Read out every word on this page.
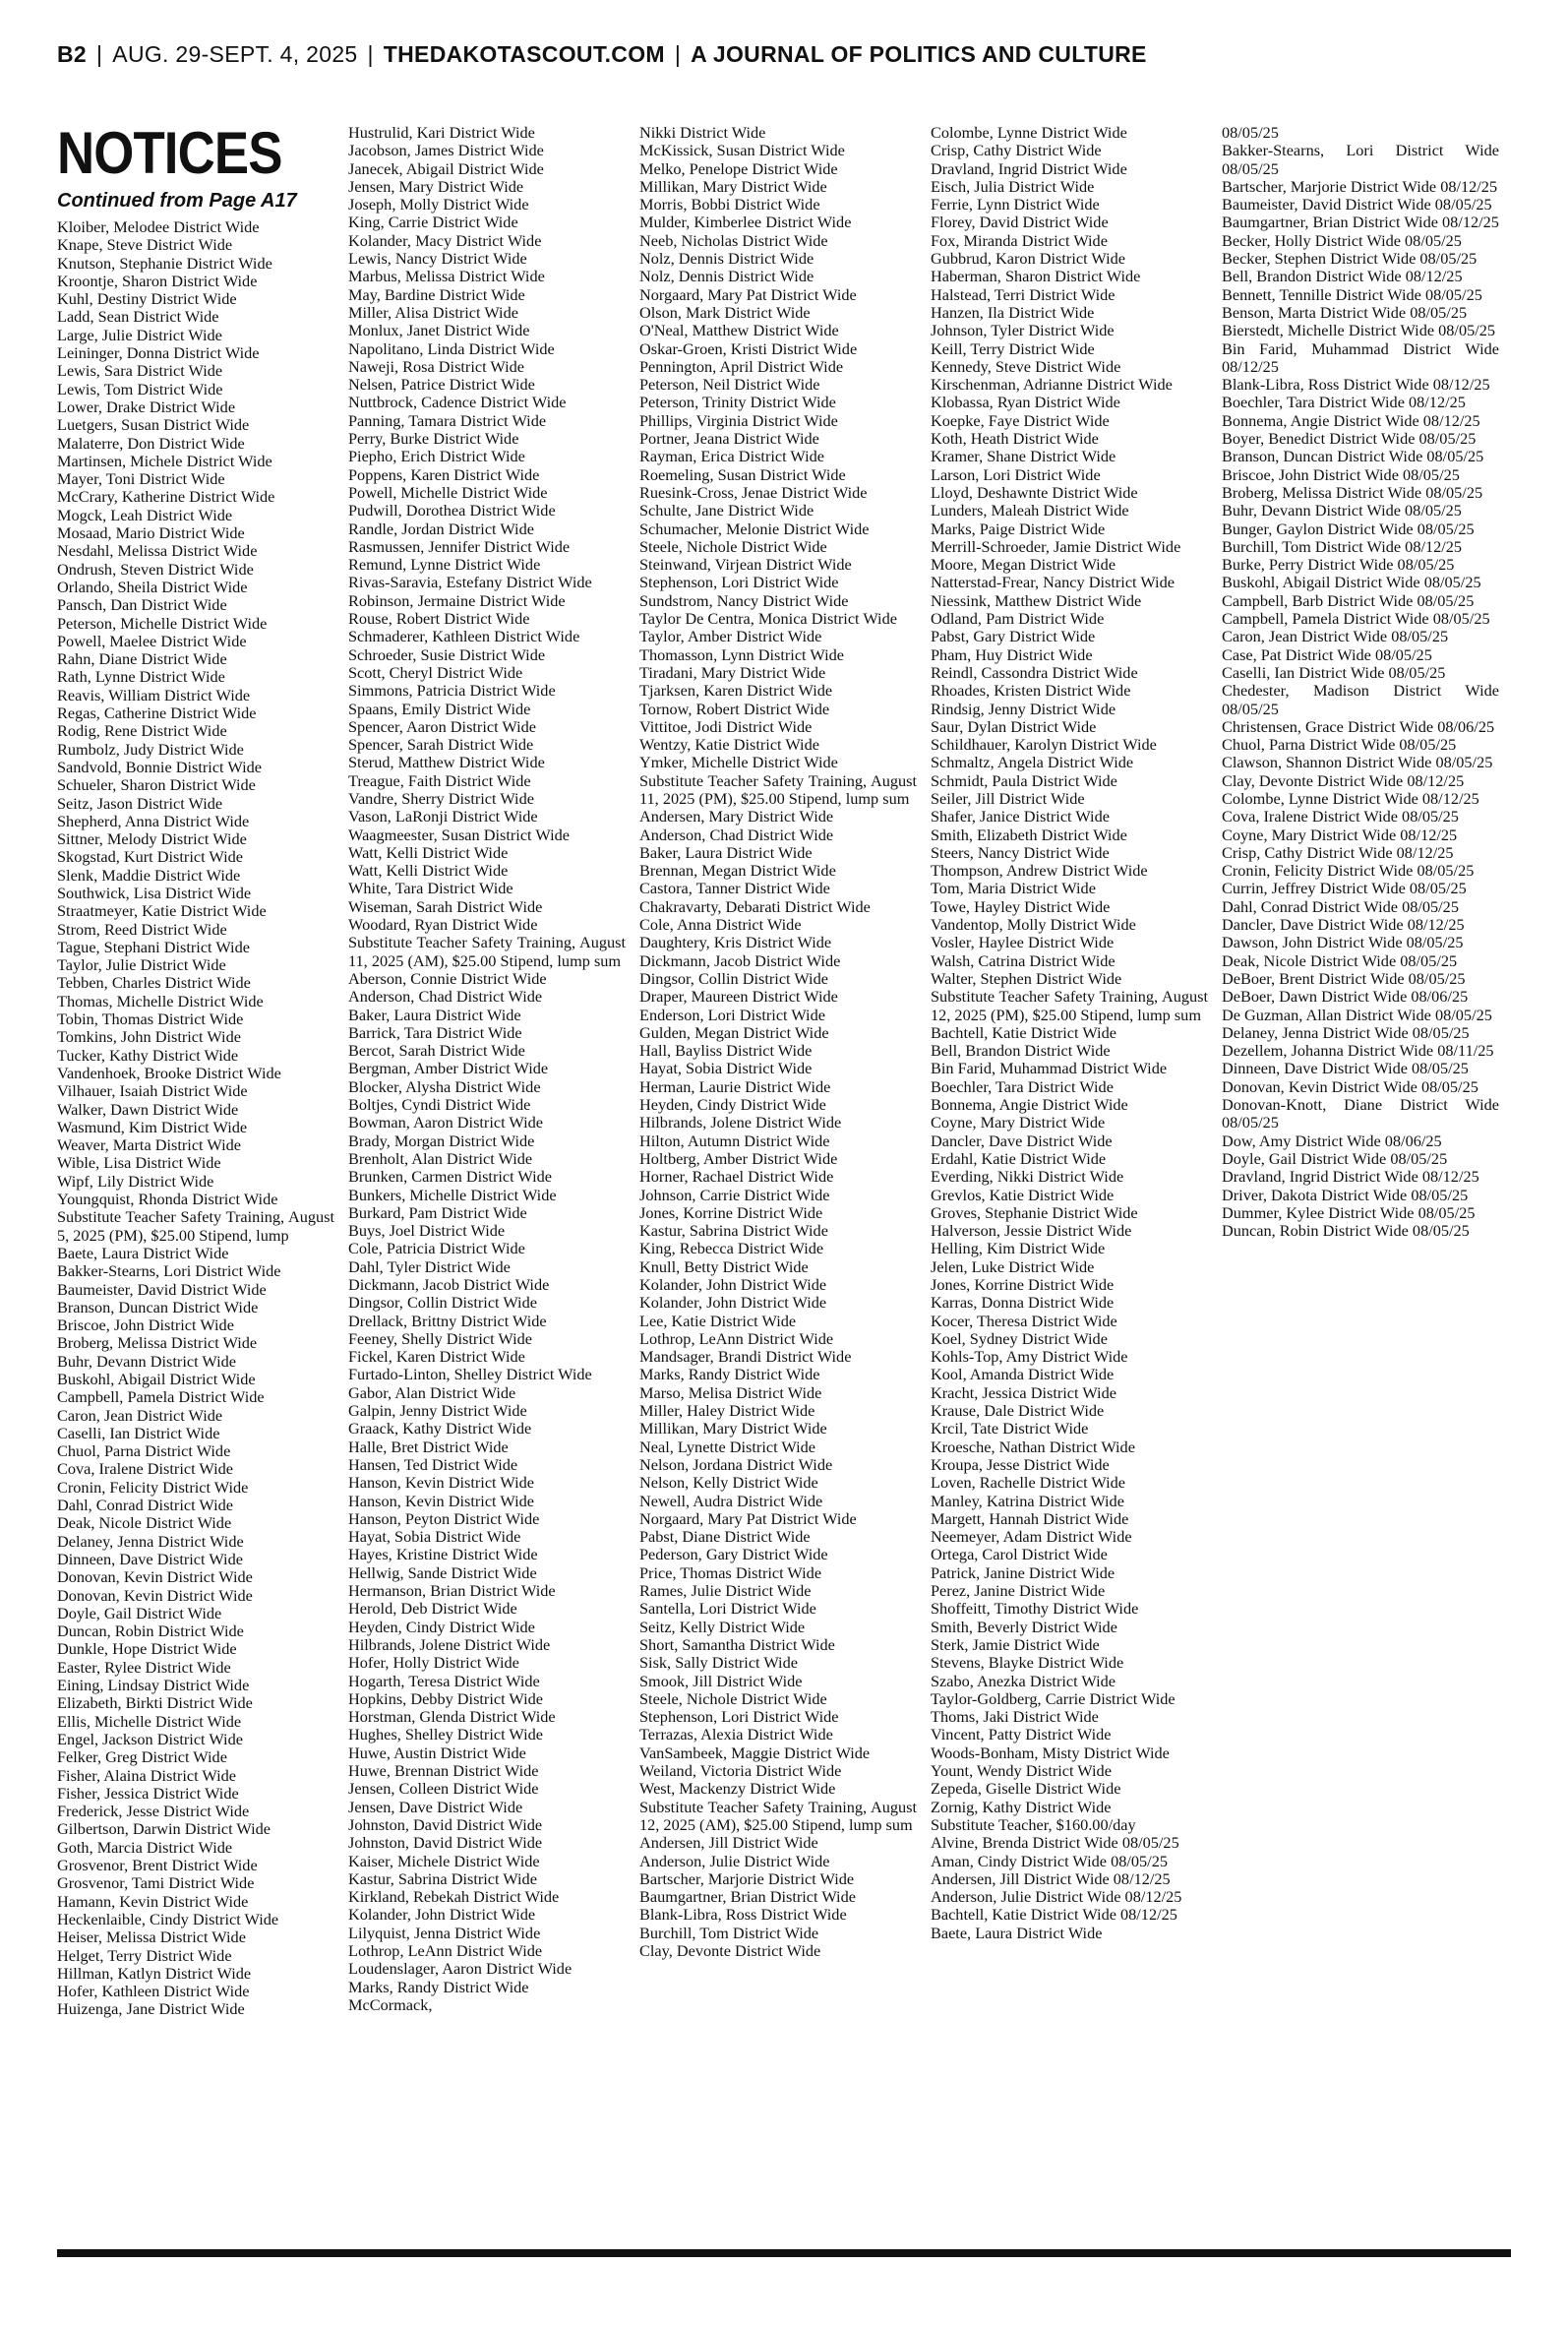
B2 | AUG. 29-SEPT. 4, 2025 | THEDAKOTASCOUT.COM | A JOURNAL OF POLITICS AND CULTURE
NOTICES
Continued from Page A17

Kloiber, Melodee District Wide
Knape, Steve District Wide
Knutson, Stephanie District Wide
Kroontje, Sharon District Wide
Kuhl, Destiny District Wide
Ladd, Sean District Wide
Large, Julie District Wide
Leininger, Donna District Wide
Lewis, Sara District Wide
Lewis, Tom District Wide
Lower, Drake District Wide
Luetgers, Susan District Wide
Malaterre, Don District Wide
Martinsen, Michele District Wide
Mayer, Toni District Wide
McCrary, Katherine District Wide
Mogck, Leah District Wide
Mosaad, Mario District Wide
Nesdahl, Melissa District Wide
Ondrush, Steven District Wide
Orlando, Sheila District Wide
Pansch, Dan District Wide
Peterson, Michelle District Wide
Powell, Maelee District Wide
Rahn, Diane District Wide
Rath, Lynne District Wide
Reavis, William District Wide
Regas, Catherine District Wide
Rodig, Rene District Wide
Rumbolz, Judy District Wide
Sandvold, Bonnie District Wide
Schueler, Sharon District Wide
Seitz, Jason District Wide
Shepherd, Anna District Wide
Sittner, Melody District Wide
Skogstad, Kurt District Wide
Slenk, Maddie District Wide
Southwick, Lisa District Wide
Straatmeyer, Katie District Wide
Strom, Reed District Wide
Tague, Stephani District Wide
Taylor, Julie District Wide
Tebben, Charles District Wide
Thomas, Michelle District Wide
Tobin, Thomas District Wide
Tomkins, John District Wide
Tucker, Kathy District Wide
Vandenhoek, Brooke District Wide
Vilhauer, Isaiah District Wide
Walker, Dawn District Wide
Wasmund, Kim District Wide
Weaver, Marta District Wide
Wible, Lisa District Wide
Wipf, Lily District Wide
Youngquist, Rhonda District Wide
Substitute Teacher Safety Training, August 5, 2025 (PM), $25.00 Stipend, lump
Baete, Laura District Wide
Bakker-Stearns, Lori District Wide
Baumeister, David District Wide
Branson, Duncan District Wide
Briscoe, John District Wide
Broberg, Melissa District Wide
Buhr, Devann District Wide
Buskohl, Abigail District Wide
Campbell, Pamela District Wide
Caron, Jean District Wide
Caselli, Ian District Wide
Chuol, Parna District Wide
Cova, Iralene District Wide
Cronin, Felicity District Wide
Dahl, Conrad District Wide
Deak, Nicole District Wide
Delaney, Jenna District Wide
Dinneen, Dave District Wide
Donovan, Kevin District Wide
Donovan, Kevin District Wide
Doyle, Gail District Wide
Duncan, Robin District Wide
Dunkle, Hope District Wide
Easter, Rylee District Wide
Eining, Lindsay District Wide
Elizabeth, Birkti District Wide
Ellis, Michelle District Wide
Engel, Jackson District Wide
Felker, Greg District Wide
Fisher, Alaina District Wide
Fisher, Jessica District Wide
Frederick, Jesse District Wide
Gilbertson, Darwin District Wide
Goth, Marcia District Wide
Grosvenor, Brent District Wide
Grosvenor, Tami District Wide
Hamann, Kevin District Wide
Heckenlaible, Cindy District Wide
Heiser, Melissa District Wide
Helget, Terry District Wide
Hillman, Katlyn District Wide
Hofer, Kathleen District Wide
Huizenga, Jane District Wide

Hustrulid, Kari District Wide
Jacobson, James District Wide
Janecek, Abigail District Wide
Jensen, Mary District Wide
Joseph, Molly District Wide
King, Carrie District Wide
Kolander, Macy District Wide
Lewis, Nancy District Wide
Marbus, Melissa District Wide
May, Bardine District Wide
Miller, Alisa District Wide
Monlux, Janet District Wide
Napolitano, Linda District Wide
Naweji, Rosa District Wide
Nelsen, Patrice District Wide
Nuttbrock, Cadence District Wide
Panning, Tamara District Wide
Perry, Burke District Wide
Piepho, Erich District Wide
Poppens, Karen District Wide
Powell, Michelle District Wide
Pudwill, Dorothea District Wide
Randle, Jordan District Wide
Rasmussen, Jennifer District Wide
Remund, Lynne District Wide
Rivas-Saravia, Estefany District Wide
Robinson, Jermaine District Wide
Rouse, Robert District Wide
Schmaderer, Kathleen District Wide
Schroeder, Susie District Wide
Scott, Cheryl District Wide
Simmons, Patricia District Wide
Spaans, Emily District Wide
Spencer, Aaron District Wide
Spencer, Sarah District Wide
Sterud, Matthew District Wide
Treague, Faith District Wide
Vandre, Sherry District Wide
Vason, LaRonji District Wide
Waagmeester, Susan District Wide
Watt, Kelli District Wide
Watt, Kelli District Wide
White, Tara District Wide
Wiseman, Sarah District Wide
Woodard, Ryan District Wide
Substitute Teacher Safety Training, August 11, 2025 (AM), $25.00 Stipend, lump sum
Aberson, Connie District Wide
Anderson, Chad District Wide
Baker, Laura District Wide
Barrick, Tara District Wide
Bercot, Sarah District Wide
Bergman, Amber District Wide
Blocker, Alysha District Wide
Boltjes, Cyndi District Wide
Bowman, Aaron District Wide
Brady, Morgan District Wide
Brenholt, Alan District Wide
Brunken, Carmen District Wide
Bunkers, Michelle District Wide
Burkard, Pam District Wide
Buys, Joel District Wide
Cole, Patricia District Wide
Dahl, Tyler District Wide
Dickmann, Jacob District Wide
Dingsor, Collin District Wide
Drellack, Brittny District Wide
Feeney, Shelly District Wide
Fickel, Karen District Wide
Furtado-Linton, Shelley District Wide
Gabor, Alan District Wide
Galpin, Jenny District Wide
Graack, Kathy District Wide
Halle, Bret District Wide
Hansen, Ted District Wide
Hanson, Kevin District Wide
Hanson, Kevin District Wide
Hanson, Peyton District Wide
Hayat, Sobia District Wide
Hayes, Kristine District Wide
Hellwig, Sande District Wide
Hermanson, Brian District Wide
Herold, Deb District Wide
Heyden, Cindy District Wide
Hilbrands, Jolene District Wide
Hofer, Holly District Wide
Hogarth, Teresa District Wide
Hopkins, Debby District Wide
Horstman, Glenda District Wide
Hughes, Shelley District Wide
Huwe, Austin District Wide
Huwe, Brennan District Wide
Jensen, Colleen District Wide
Jensen, Dave District Wide
Johnston, David District Wide
Johnston, David District Wide
Kaiser, Michele District Wide
Kastur, Sabrina District Wide
Kirkland, Rebekah District Wide
Kolander, John District Wide
Lilyquist, Jenna District Wide
Lothrop, LeAnn District Wide
Loudenslager, Aaron District Wide
Marks, Randy District Wide
McCormack,

Nikki District Wide
McKissick, Susan District Wide
Melko, Penelope District Wide
Millikan, Mary District Wide
Morris, Bobbi District Wide
Mulder, Kimberlee District Wide
Neeb, Nicholas District Wide
Nolz, Dennis District Wide
Nolz, Dennis District Wide
Norgaard, Mary Pat District Wide
Olson, Mark District Wide
O'Neal, Matthew District Wide
Oskar-Groen, Kristi District Wide
Pennington, April District Wide
Peterson, Neil District Wide
Peterson, Trinity District Wide
Phillips, Virginia District Wide
Portner, Jeana District Wide
Rayman, Erica District Wide
Roemeling, Susan District Wide
Ruesink-Cross, Jenae District Wide
Schulte, Jane District Wide
Schumacher, Melonie District Wide
Steele, Nichole District Wide
Steinwand, Virjean District Wide
Stephenson, Lori District Wide
Sundstrom, Nancy District Wide
Taylor De Centra, Monica District Wide
Taylor, Amber District Wide
Thomasson, Lynn District Wide
Tiradani, Mary District Wide
Tjarksen, Karen District Wide
Tornow, Robert District Wide
Vittitoe, Jodi District Wide
Wentzy, Katie District Wide
Ymker, Michelle District Wide
Substitute Teacher Safety Training, August 11, 2025 (PM), $25.00 Stipend, lump sum
Andersen, Mary District Wide
Anderson, Chad District Wide
Baker, Laura District Wide
Brennan, Megan District Wide
Castora, Tanner District Wide
Chakravarty, Debarati District Wide
Cole, Anna District Wide
Daughtery, Kris District Wide
Dickmann, Jacob District Wide
Dingsor, Collin District Wide
Draper, Maureen District Wide
Enderson, Lori District Wide
Gulden, Megan District Wide
Hall, Bayliss District Wide
Hayat, Sobia District Wide
Herman, Laurie District Wide
Heyden, Cindy District Wide
Hilbrands, Jolene District Wide
Hilton, Autumn District Wide
Holtberg, Amber District Wide
Horner, Rachael District Wide
Johnson, Carrie District Wide
Jones, Korrine District Wide
Kastur, Sabrina District Wide
King, Rebecca District Wide
Knull, Betty District Wide
Kolander, John District Wide
Kolander, John District Wide
Lee, Katie District Wide
Lothrop, LeAnn District Wide
Mandsager, Brandi District Wide
Marks, Randy District Wide
Marso, Melisa District Wide
Miller, Haley District Wide
Millikan, Mary District Wide
Neal, Lynette District Wide
Nelson, Jordana District Wide
Nelson, Kelly District Wide
Newell, Audra District Wide
Norgaard, Mary Pat District Wide
Pabst, Diane District Wide
Pederson, Gary District Wide
Price, Thomas District Wide
Rames, Julie District Wide
Santella, Lori District Wide
Seitz, Kelly District Wide
Short, Samantha District Wide
Sisk, Sally District Wide
Smook, Jill District Wide
Steele, Nichole District Wide
Stephenson, Lori District Wide
Terrazas, Alexia District Wide
VanSambeek, Maggie District Wide
Weiland, Victoria District Wide
West, Mackenzy District Wide
Substitute Teacher Safety Training, August 12, 2025 (AM), $25.00 Stipend, lump sum
Andersen, Jill District Wide
Anderson, Julie District Wide
Bartscher, Marjorie District Wide
Baumgartner, Brian District Wide
Blank-Libra, Ross District Wide
Burchill, Tom District Wide
Clay, Devonte District Wide

Colombe, Lynne District Wide
Crisp, Cathy District Wide
Dravland, Ingrid District Wide
Eisch, Julia District Wide
Ferrie, Lynn District Wide
Florey, David District Wide
Fox, Miranda District Wide
Gubbrud, Karon District Wide
Haberman, Sharon District Wide
Halstead, Terri District Wide
Hanzen, Ila District Wide
Johnson, Tyler District Wide
Keill, Terry District Wide
Kennedy, Steve District Wide
Kirschenman, Adrianne District Wide
Klobassa, Ryan District Wide
Koepke, Faye District Wide
Koth, Heath District Wide
Kramer, Shane District Wide
Larson, Lori District Wide
Lloyd, Deshawnte District Wide
Lunders, Maleah District Wide
Marks, Paige District Wide
Merrill-Schroeder, Jamie District Wide
Moore, Megan District Wide
Natterstad-Frear, Nancy District Wide
Niessink, Matthew District Wide
Odland, Pam District Wide
Pabst, Gary District Wide
Pham, Huy District Wide
Reindl, Cassondra District Wide
Rhoades, Kristen District Wide
Rindsig, Jenny District Wide
Saur, Dylan District Wide
Schildhauer, Karolyn District Wide
Schmaltz, Angela District Wide
Schmidt, Paula District Wide
Seiler, Jill District Wide
Shafer, Janice District Wide
Smith, Elizabeth District Wide
Steers, Nancy District Wide
Thompson, Andrew District Wide
Tom, Maria District Wide
Towe, Hayley District Wide
Vandentop, Molly District Wide
Vosler, Haylee District Wide
Walsh, Catrina District Wide
Walter, Stephen District Wide
Substitute Teacher Safety Training, August 12, 2025 (PM), $25.00 Stipend, lump sum
Bachtell, Katie District Wide
Bell, Brandon District Wide
Bin Farid, Muhammad District Wide
Boechler, Tara District Wide
Bonnema, Angie District Wide
Coyne, Mary District Wide
Dancler, Dave District Wide
Erdahl, Katie District Wide
Everding, Nikki District Wide
Grevlos, Katie District Wide
Groves, Stephanie District Wide
Halverson, Jessie District Wide
Helling, Kim District Wide
Jelen, Luke District Wide
Jones, Korrine District Wide
Karras, Donna District Wide
Kocer, Theresa District Wide
Koel, Sydney District Wide
Kohls-Top, Amy District Wide
Kool, Amanda District Wide
Kracht, Jessica District Wide
Krause, Dale District Wide
Krcil, Tate District Wide
Kroesche, Nathan District Wide
Kroupa, Jesse District Wide
Loven, Rachelle District Wide
Manley, Katrina District Wide
Margett, Hannah District Wide
Neemeyer, Adam District Wide
Ortega, Carol District Wide
Patrick, Janine District Wide
Perez, Janine District Wide
Shoffeitt, Timothy District Wide
Smith, Beverly District Wide
Sterk, Jamie District Wide
Stevens, Blayke District Wide
Szabo, Anezka District Wide
Taylor-Goldberg, Carrie District Wide
Thoms, Jaki District Wide
Vincent, Patty District Wide
Woods-Bonham, Misty District Wide
Yount, Wendy District Wide
Zepeda, Giselle District Wide
Zornig, Kathy District Wide
Substitute Teacher, $160.00/day
Alvine, Brenda District Wide 08/05/25
Aman, Cindy District Wide 08/05/25
Andersen, Jill District Wide 08/12/25
Anderson, Julie District Wide 08/12/25
Bachtell, Katie District Wide 08/12/25
Baete, Laura District Wide

08/05/25
Bakker-Stearns, Lori District Wide 08/05/25
Bartscher, Marjorie District Wide 08/12/25
Baumeister, David District Wide 08/05/25
Baumgartner, Brian District Wide 08/12/25
Becker, Holly District Wide 08/05/25
Becker, Stephen District Wide 08/05/25
Bell, Brandon District Wide 08/12/25
Bennett, Tennille District Wide 08/05/25
Benson, Marta District Wide 08/05/25
Bierstedt, Michelle District Wide 08/05/25
Bin Farid, Muhammad District Wide 08/12/25
Blank-Libra, Ross District Wide 08/12/25
Boechler, Tara District Wide 08/12/25
Bonnema, Angie District Wide 08/12/25
Boyer, Benedict District Wide 08/05/25
Branson, Duncan District Wide 08/05/25
Briscoe, John District Wide 08/05/25
Broberg, Melissa District Wide 08/05/25
Buhr, Devann District Wide 08/05/25
Bunger, Gaylon District Wide 08/05/25
Burchill, Tom District Wide 08/12/25
Burke, Perry District Wide 08/05/25
Buskohl, Abigail District Wide 08/05/25
Campbell, Barb District Wide 08/05/25
Campbell, Pamela District Wide 08/05/25
Caron, Jean District Wide 08/05/25
Case, Pat District Wide 08/05/25
Caselli, Ian District Wide 08/05/25
Chedester, Madison District Wide 08/05/25
Christensen, Grace District Wide 08/06/25
Chuol, Parna District Wide 08/05/25
Clawson, Shannon District Wide 08/05/25
Clay, Devonte District Wide 08/12/25
Colombe, Lynne District Wide 08/12/25
Cova, Iralene District Wide 08/05/25
Coyne, Mary District Wide 08/12/25
Crisp, Cathy District Wide 08/12/25
Cronin, Felicity District Wide 08/05/25
Currin, Jeffrey District Wide 08/05/25
Dahl, Conrad District Wide 08/05/25
Dancler, Dave District Wide 08/12/25
Dawson, John District Wide 08/05/25
Deak, Nicole District Wide 08/05/25
DeBoer, Brent District Wide 08/05/25
DeBoer, Dawn District Wide 08/06/25
De Guzman, Allan District Wide 08/05/25
Delaney, Jenna District Wide 08/05/25
Dezellem, Johanna District Wide 08/11/25
Dinneen, Dave District Wide 08/05/25
Donovan, Kevin District Wide 08/05/25
Donovan-Knott, Diane District Wide 08/05/25
Dow, Amy District Wide 08/06/25
Doyle, Gail District Wide 08/05/25
Dravland, Ingrid District Wide 08/12/25
Driver, Dakota District Wide 08/05/25
Dummer, Kylee District Wide 08/05/25
Duncan, Robin District Wide 08/05/25
